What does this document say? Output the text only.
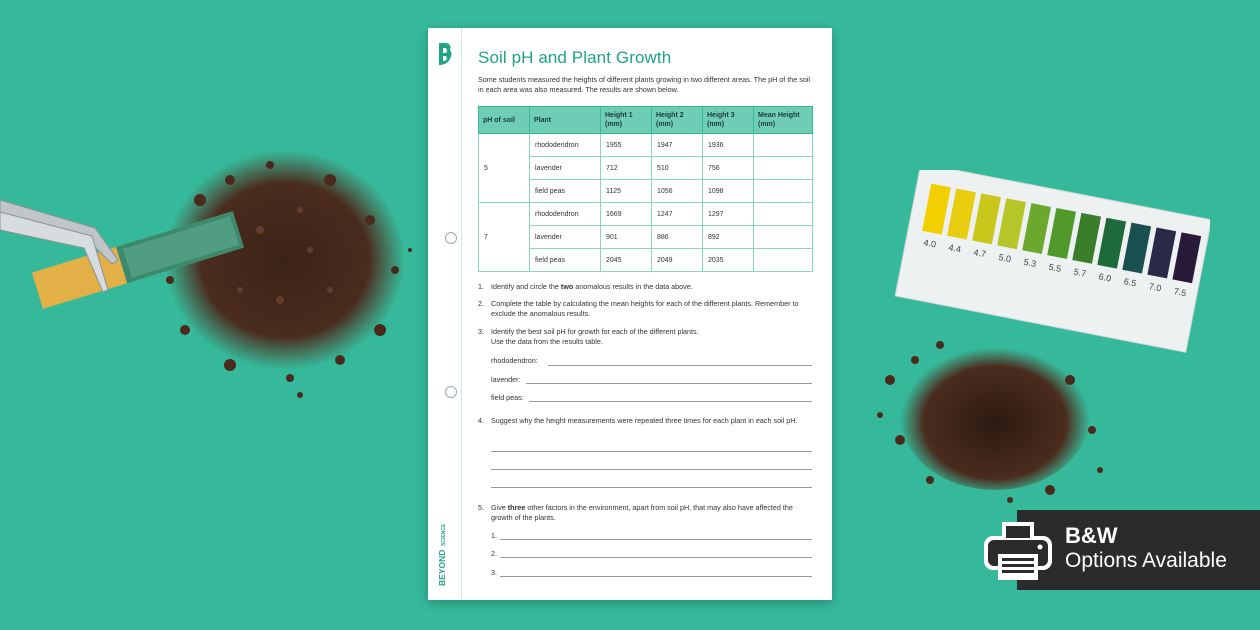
4.0 4.4 4.7 5.0 5.3 5.5 5.7 6.0 6.5 7.0 7.5
BEYOND
SCIENCE
Soil pH and Plant Growth
Some students measured the heights of different plants growing in two different areas. The pH of the soil in each area was also measured. The results are shown below.
pH of soil	Plant	Height 1 (mm)	Height 2 (mm)	Height 3 (mm)	Mean Height (mm)
5	rhododendron	1955	1947	1936	
	lavender	712	510	756	
	field peas	1125	1056	1098	
7	rhododendron	1669	1247	1297	
	lavender	901	886	892	
	field peas	2045	2049	2035	
1. Identify and circle the two anomalous results in the data above.
2. Complete the table by calculating the mean heights for each of the different plants. Remember to exclude the anomalous results.
3. Identify the best soil pH for growth for each of the different plants.
Use the data from the results table.
rhododendron:
lavender:
field peas:
4. Suggest why the height measurements were repeated three times for each plant in each soil pH.
5. Give three other factors in the environment, apart from soil pH, that may also have affected the growth of the plants.
1.
2.
3.
B&W
Options Available
